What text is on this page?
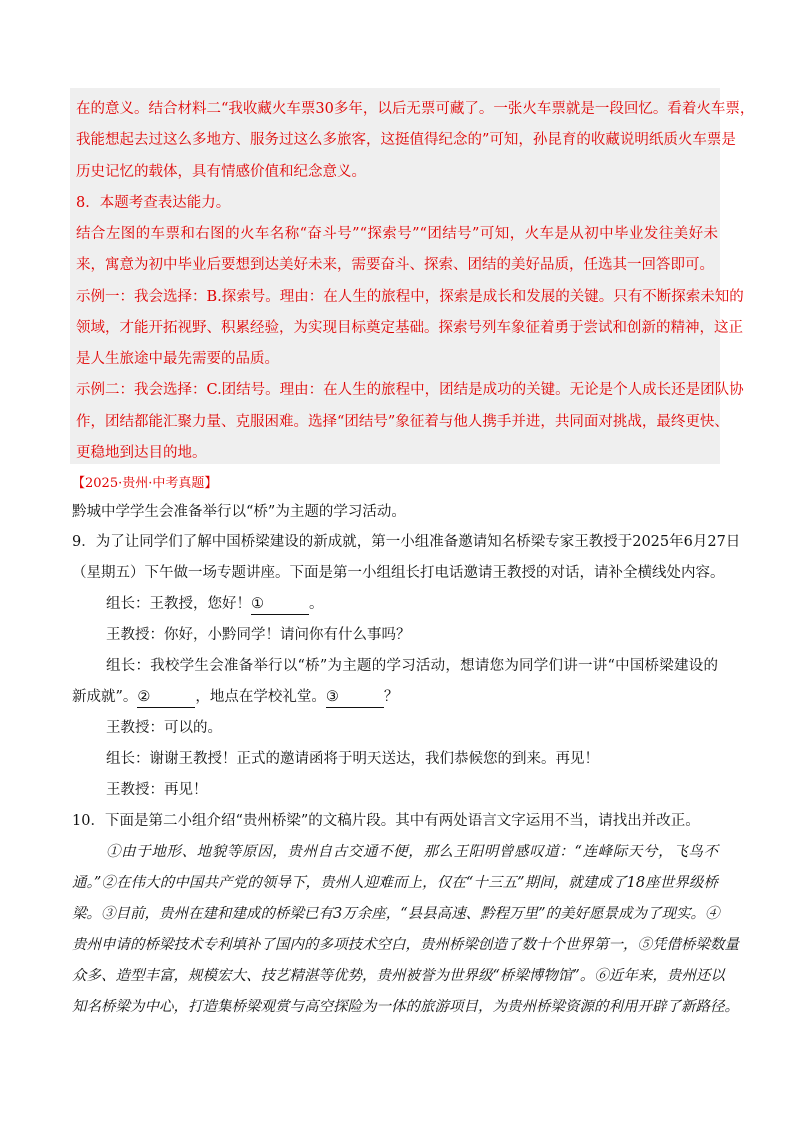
在的意义。结合材料二“我收藏火车票30多年，以后无票可藏了。一张火车票就是一段回忆。看着火车票，
我能想起去过这么多地方、服务过这么多旅客，这挺值得纪念的”可知，孙昆育的收藏说明纸质火车票是
历史记忆的载体，具有情感价值和纪念意义。
8．本题考查表达能力。
结合左图的车票和右图的火车名称“奋斗号”“探索号”“团结号”可知，火车是从初中毕业发往美好未
来，寓意为初中毕业后要想到达美好未来，需要奋斗、探索、团结的美好品质，任选其一回答即可。
示例一：我会选择：B.探索号。理由：在人生的旅程中，探索是成长和发展的关键。只有不断探索未知的
领域，才能开拓视野、积累经验，为实现目标奠定基础。探索号列车象征着勇于尝试和创新的精神，这正
是人生旅途中最先需要的品质。
示例二：我会选择：C.团结号。理由：在人生的旅程中，团结是成功的关键。无论是个人成长还是团队协
作，团结都能汇聚力量、克服困难。选择“团结号”象征着与他人携手并进，共同面对挑战，最终更快、
更稳地到达目的地。
【2025·贵州·中考真题】
黔城中学学生会准备举行以“桥”为主题的学习活动。
9．为了让同学们了解中国桥梁建设的新成就，第一小组准备邀请知名桥梁专家王教授于2025年6月27日
（星期五）下午做一场专题讲座。下面是第一小组组长打电话邀请王教授的对话，请补全横线处内容。
组长：王教授，您好！①	。
王教授：你好，小黔同学！请问你有什么事吗？
组长：我校学生会准备举行以“桥”为主题的学习活动，想请您为同学们讲一讲“中国桥梁建设的
新成就”。②	，地点在学校礼堂。③	？
王教授：可以的。
组长：谢谢王教授！正式的邀请函将于明天送达，我们恭候您的到来。再见！
王教授：再见！
10．下面是第二小组介绍“贵州桥梁”的文稿片段。其中有两处语言文字运用不当，请找出并改正。
①由于地形、地貌等原因，贵州自古交通不便，那么王阳明曾感叹道：“连峰际天兮，飞鸟不
通。”②在伟大的中国共产党的领导下，贵州人迎难而上，仅在“十三五”期间，就建成了18座世界级桥
梁。③目前，贵州在建和建成的桥梁已有3万余座，“县县高速、黔程万里”的美好愿景成为了现实。④
贵州申请的桥梁技术专利填补了国内的多项技术空白，贵州桥梁创造了数十个世界第一，⑤凭借桥梁数量
众多、造型丰富，规模宏大、技艺精湛等优势，贵州被誉为世界级“桥梁博物馆”。⑥近年来，贵州还以
知名桥梁为中心，打造集桥梁观赏与高空探险为一体的旅游项目，为贵州桥梁资源的利用开辟了新路径。
